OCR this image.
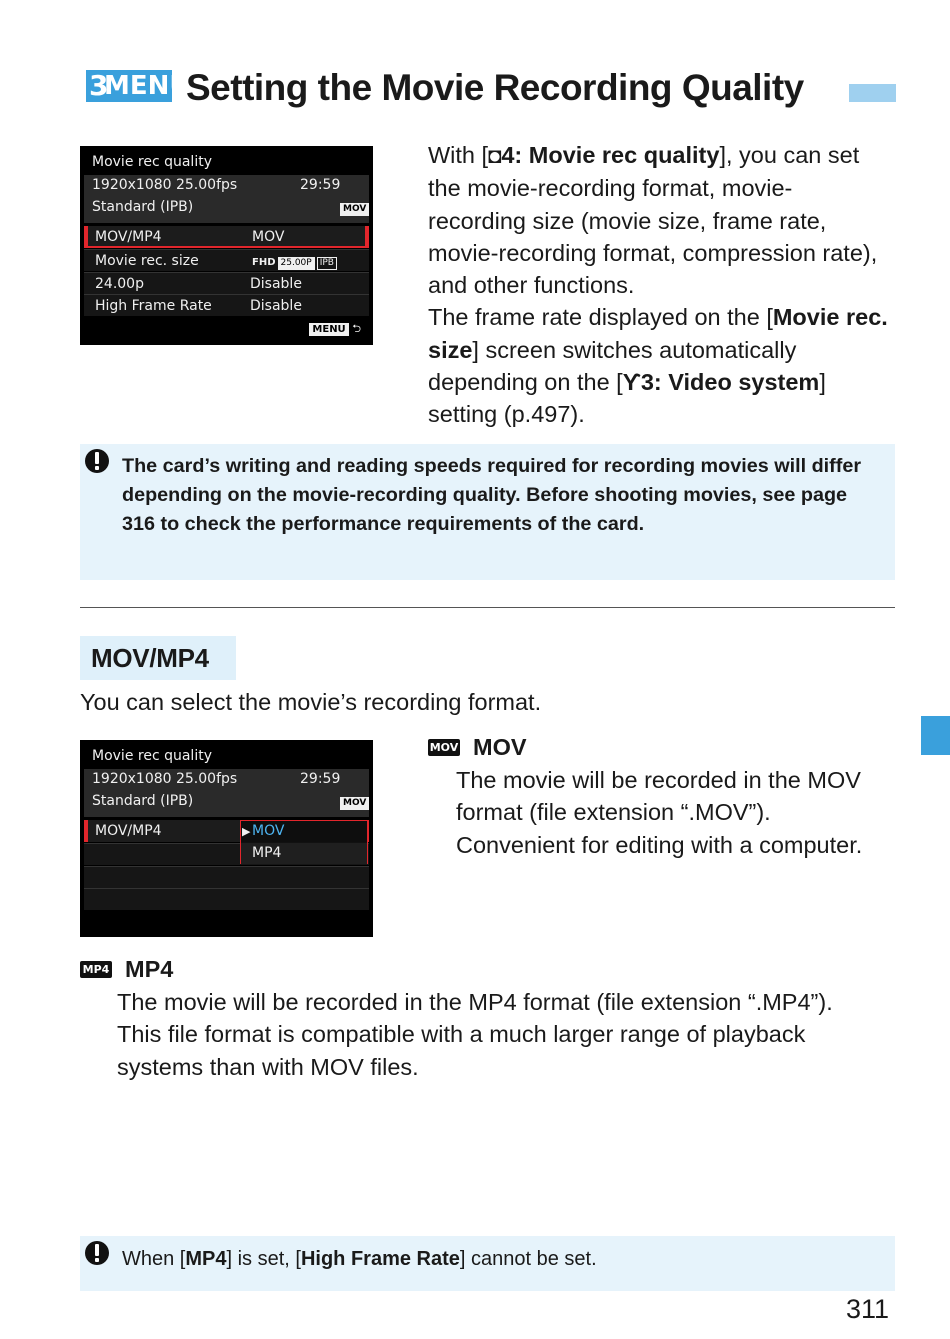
3
MENU
Setting the Movie Recording Quality
Movie rec quality
1920x1080 25.00fps	29:59
Standard (IPB)	MOV
MOV/MP4	MOV
Movie rec. size	FHD 25.00P IPB
24.00p	Disable
High Frame Rate	Disable
MENU ⮌
With [◘4: Movie rec quality], you can set the movie-recording format, movie-recording size (movie size, frame rate, movie-recording format, compression rate), and other functions.
The frame rate displayed on the [Movie rec. size] screen switches automatically depending on the [ϒ3: Video system] setting (p.497).
The card’s writing and reading speeds required for recording movies will differ depending on the movie-recording quality. Before shooting movies, see page 316 to check the performance requirements of the card.
MOV/MP4
You can select the movie’s recording format.
Movie rec quality
1920x1080 25.00fps	29:59
Standard (IPB)	MOV
MOV/MP4	▶ MOV
MP4
MOV MOV
The movie will be recorded in the MOV format (file extension “.MOV”). Convenient for editing with a computer.
MP4 MP4
The movie will be recorded in the MP4 format (file extension “.MP4”). This file format is compatible with a much larger range of playback systems than with MOV files.
When [MP4] is set, [High Frame Rate] cannot be set.
311
